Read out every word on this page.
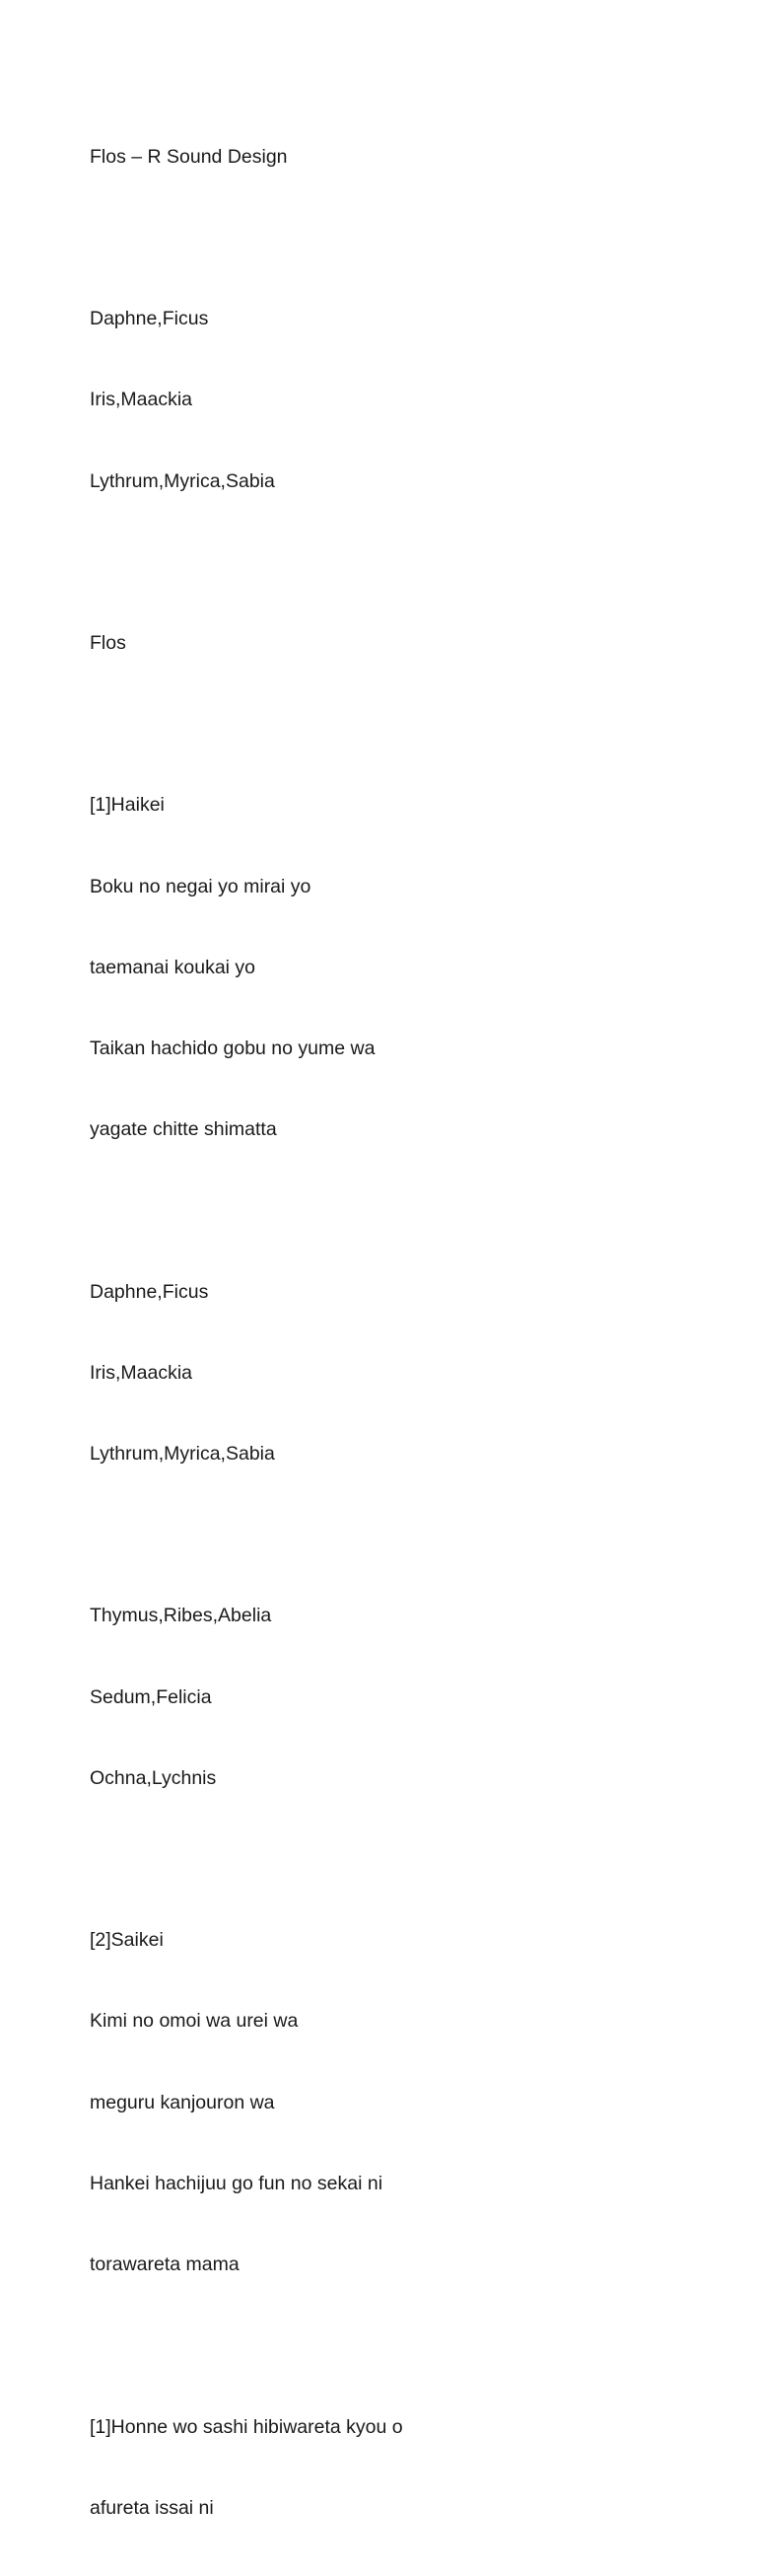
Flos – R Sound Design

Daphne,Ficus

Iris,Maackia

Lythrum,Myrica,Sabia

Flos

[1]Haikei

Boku no negai yo mirai yo

taemanai koukai yo

Taikan hachido gobu no yume wa

yagate chitte shimatta

Daphne,Ficus

Iris,Maackia

Lythrum,Myrica,Sabia

Thymus,Ribes,Abelia

Sedum,Felicia

Ochna,Lychnis

[2]Saikei

Kimi no omoi wa urei wa

meguru kanjouron wa

Hankei hachijuu go fun no sekai ni

torawareta mama

[1]Honne wo sashi hibiwareta kyou o

afureta issai ni
